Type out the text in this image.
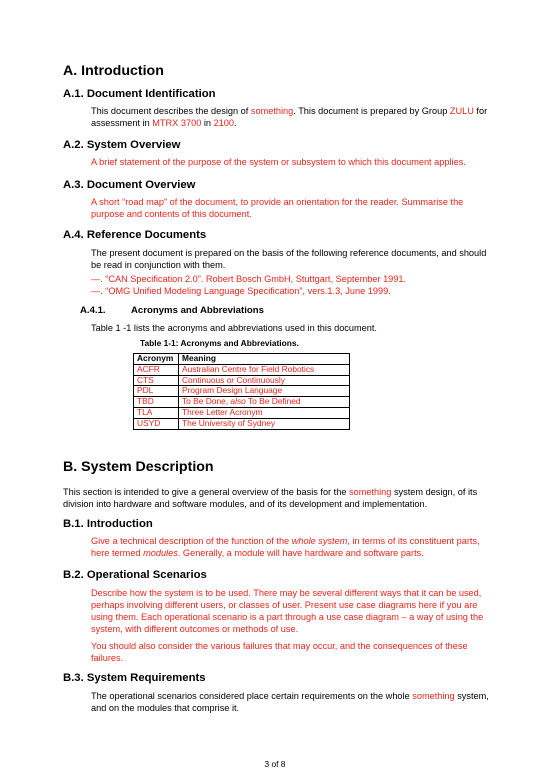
A. Introduction
A.1. Document Identification

This document describes the design of something. This document is prepared by Group ZULU for assessment in MTRX 3700 in 2100.

A.2. System Overview

A brief statement of the purpose of the system or subsystem to which this document applies.

A.3. Document Overview

A short “road map” of the document, to provide an orientation for the reader. Summarise the purpose and contents of this document.

A.4. Reference Documents

The present document is prepared on the basis of the following reference documents, and should be read in conjunction with them.

—. “CAN Specification 2.0”. Robert Bosch GmbH, Stuttgart, September 1991.
—. “OMG Unified Modeling Language Specification”, vers.1.3, June 1999.
A.4.1.	Acronyms and Abbreviations

Table 1 -1 lists the acronyms and abbreviations used in this document.

Table 1-1: Acronyms and Abbreviations.
Acronym	Meaning
ACFR	Australian Centre for Field Robotics
CTS	Continuous or Continuously
PDL	Program Design Language
TBD	To Be Done, also To Be Defined
TLA	Three Letter Acronym
USYD	The University of Sydney
B. System Description

This section is intended to give a general overview of the basis for the something system design, of its division into hardware and software modules, and of its development and implementation.

B.1. Introduction

Give a technical description of the function of the whole system, in terms of its constituent parts, here termed modules. Generally, a module will have hardware and software parts.

B.2. Operational Scenarios

Describe how the system is to be used. There may be several different ways that it can be used, perhaps involving different users, or classes of user. Present use case diagrams here if you are using them. Each operational scenario is a part through a use case diagram – a way of using the system, with different outcomes or methods of use.

You should also consider the various failures that may occur, and the consequences of these failures.

B.3. System Requirements

The operational scenarios considered place certain requirements on the whole something system, and on the modules that comprise it.

3 of 8
